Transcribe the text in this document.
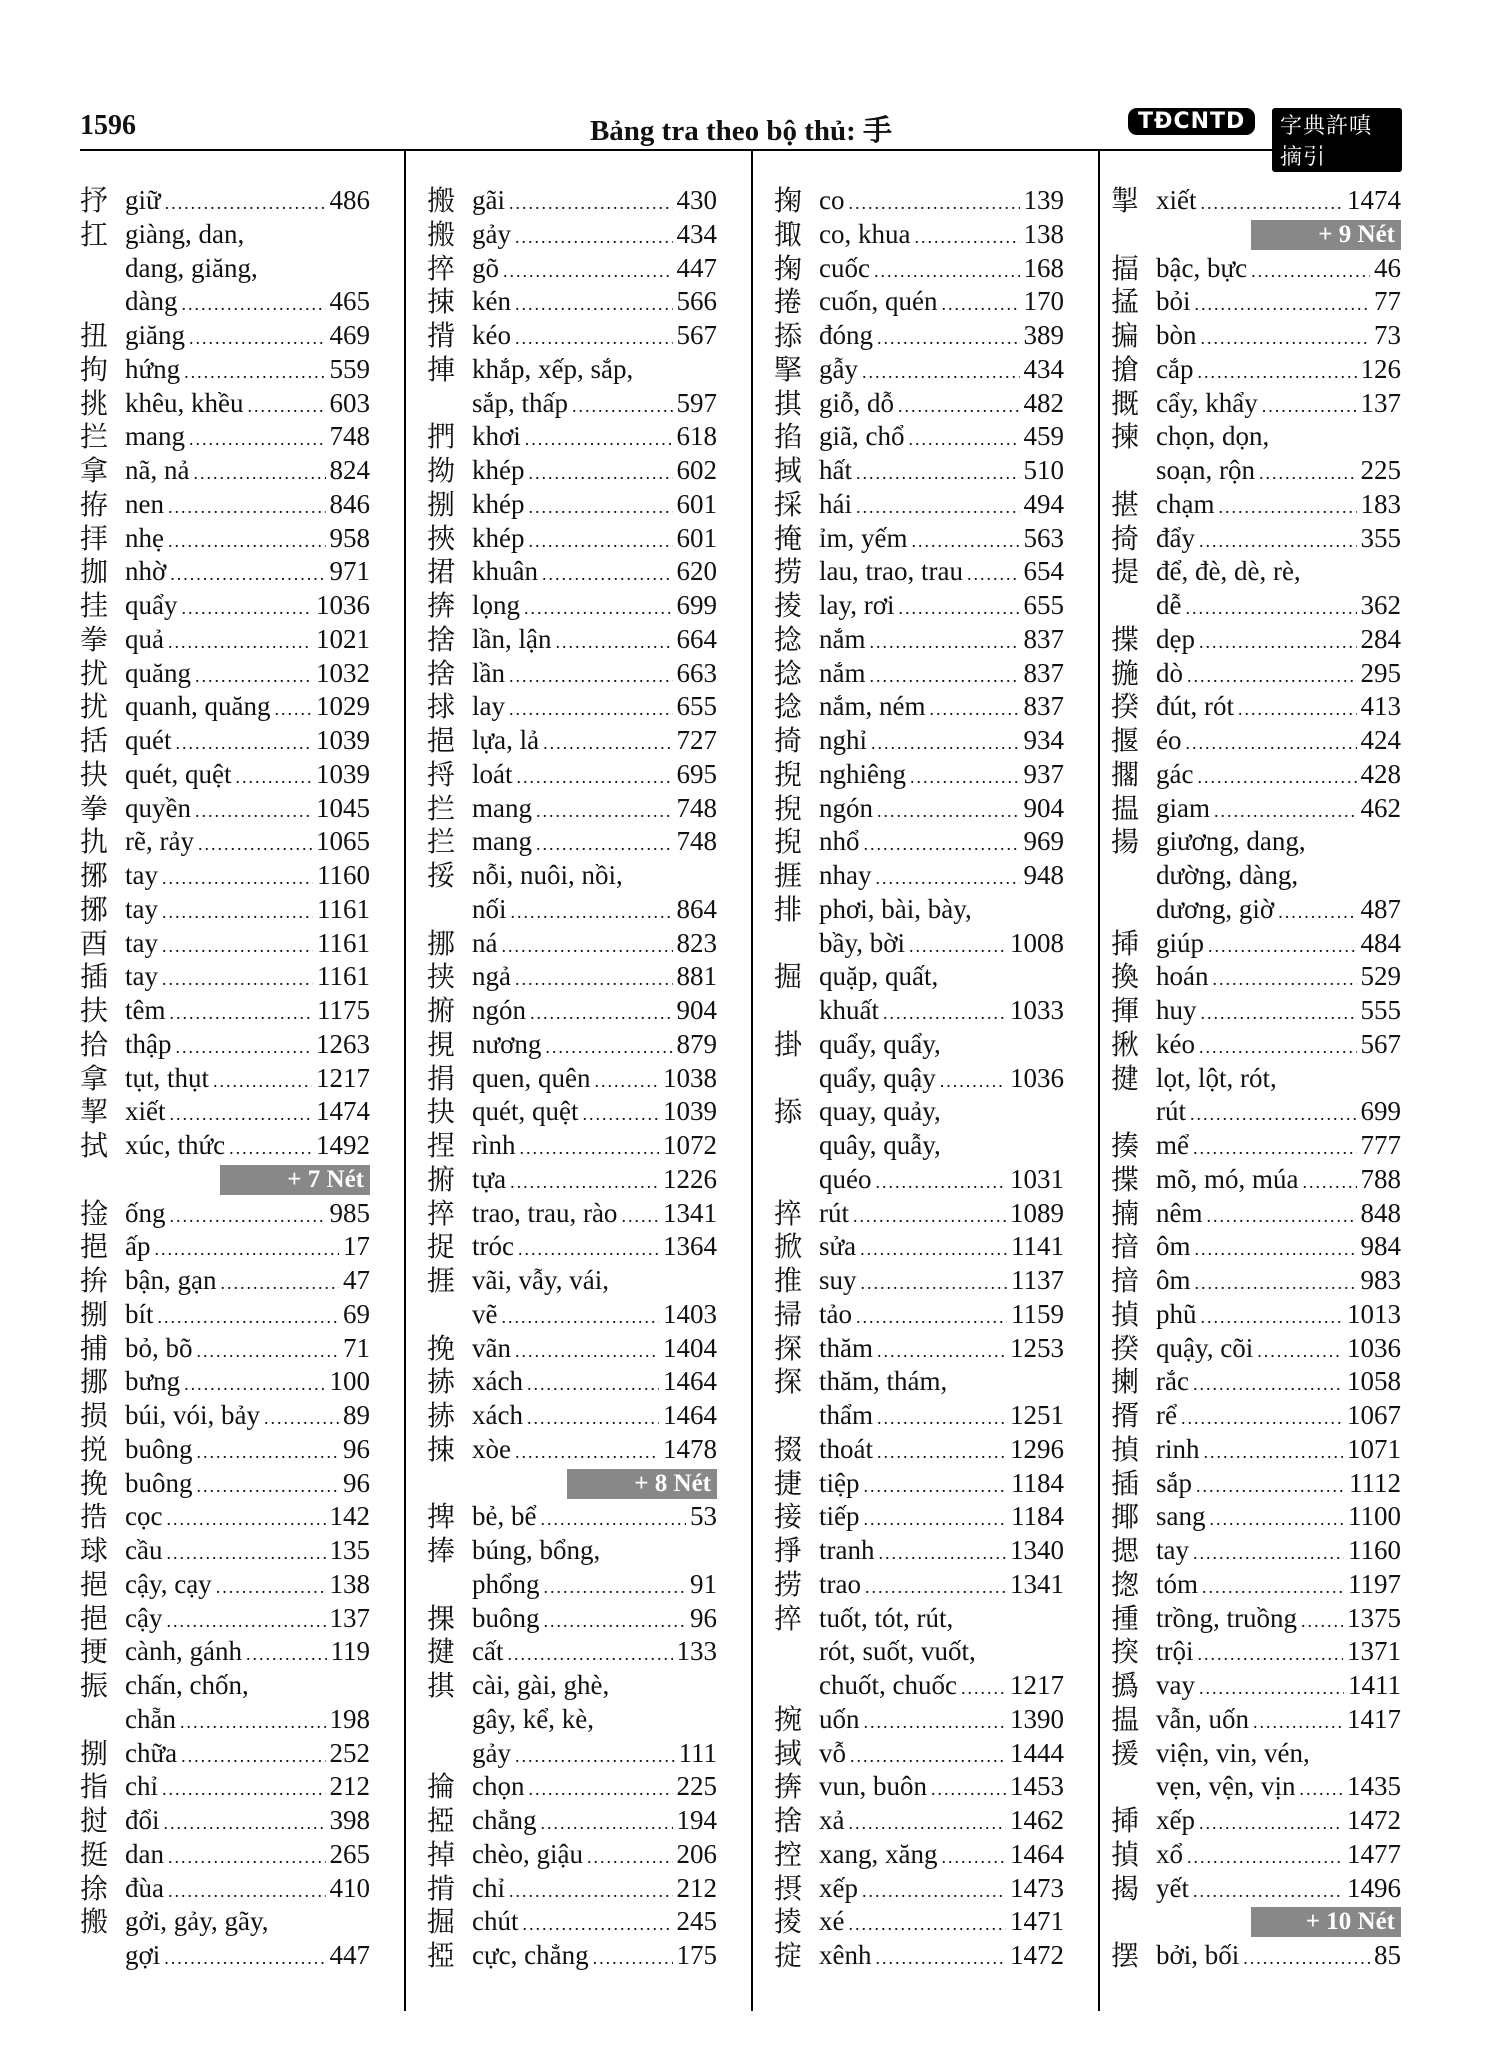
1596	Bảng tra theo bộ thủ: 手	TĐCNTD	字典許嗔摘引
抒 giữ .....	486
扛 giàng, dan,
dang, giăng,
dàng .....	465
扭 giăng .....	469
拘 hứng .....	559
挑 khêu, khều .....	603
拦 mang .....	748
拿 nã, nả .....	824
拵 nen .....	846
拝 nhẹ .....	958
拁 nhờ .....	971
挂 quẩy .....	1036
拳 quả .....	1021
扰 quăng .....	1032
扰 quanh, quăng ..... 1029
括 quét .....	1039
抉 quét, quệt .....	1039
拳 quyền .....	1045
扏 rẽ, rảy .....	1065
捓 tay .....	1160
捓 tay .....	1161
酉 tay .....	1161
插 tay .....	1161
扶 têm .....	1175
拾 thập .....	1263
拿 tụt, thụt .....	1217
挈 xiết .....	1474
拭 xúc, thức .....	1492
+ 7 Nét
捦 ống .....	985
挹 ấp .....	17
拚 bận, gạn .....	47
捌 bít .....	69
捕 bỏ, bõ .....	71
挪 bưng .....	100
损 búi, vói, bảy .....	89
捝 buông .....	96
挽 buông .....	96
捁 cọc .....	142
球 cầu .....	135
挹 cậy, cạy .....	138
挹 cậy .....	137
挭 cành, gánh .....	119
振 chấn, chốn,
chẵn .....	198
捌 chữa .....	252
指 chỉ .....	212
挝 đổi .....	398
挺 dan .....	265
捈 đùa .....	410
搬 gởi, gảy, gãy,
gợi .....	447
搬 gãi .....	430
搬 gảy .....	434
捽 gõ .....	447
捒 kén .....	566
揹 kéo .....	567
捙 khắp, xếp, sắp,
sắp, thấp .....	597
捫 khơi .....	618
拗 khép .....	602
捌 khép .....	601
挾 khép .....	601
捃 khuân .....	620
捹 lọng .....	699
捨 lần, lận .....	664
捨 lần .....	663
捄 lay .....	655
挹 lựa, lả .....	727
捋 loát .....	695
拦 mang .....	748
拦 mang .....	748
挼 nỗi, nuôi, nồi,
nối .....	864
挪 ná .....	823
挟 ngả .....	881
捬 ngón .....	904
挸 nương .....	879
捐 quen, quên .....	1038
抉 quét, quệt .....	1039
捏 rình .....	1072
捬 tựa .....	1226
捽 trao, trau, rào ..... 1341
捉 tróc .....	1364
捱 vãi, vẫy, vái,
vẽ .....	1403
挽 vãn .....	1404
捇 xách .....	1464
捇 xách .....	1464
捒 xòe .....	1478
+ 8 Nét
捭 bẻ, bể .....	53
捧 búng, bổng,
phổng .....	91
捰 buông .....	96
揵 cất .....	133
掑 cài, gài, ghè,
gây, kể, kè,
gảy .....	111
掄 chọn .....	225
掗 chẳng .....	194
掉 chèo, giậu .....	206
掯 chỉ .....	212
掘 chút .....	245
掗 cực, chẳng .....	175
掬 co .....	139
掫 co, khua .....	138
掬 cuốc .....	168
捲 cuốn, quén .....	170
掭 đóng .....	389
掔 gẫy .....	434
掑 giỗ, dỗ .....	482
掐 giã, chổ .....	459
掝 hất .....	510
採 hái .....	494
掩 ỉm, yếm .....	563
捞 lau, trao, trau ..... 654
掕 lay, rơi .....	655
捻 nắm .....	837
捻 nắm .....	837
捻 nắm, ném .....	837
掎 nghỉ .....	934
掜 nghiêng .....	937
掜 ngón .....	904
掜 nhổ .....	969
捱 nhay .....	948
排 phơi, bài, bày,
bầy, bời .....	1008
掘 quặp, quất,
khuất .....	1033
掛 quẩy, quẩy,
quẩy, quậy .....	1036
掭 quay, quảy,
quây, quẫy,
quéo .....	1031
捽 rút .....	1089
掀 sửa .....	1141
推 suy .....	1137
掃 tảo .....	1159
探 thăm .....	1253
探 thăm, thám,
thẩm .....	1251
掇 thoát .....	1296
捷 tiệp .....	1184
接 tiếp .....	1184
掙 tranh .....	1340
捞 trao .....	1341
捽 tuốt, tót, rút,
rót, suốt, vuốt,
chuốt, chuốc ..... 1217
捥 uốn .....	1390
掝 vỗ .....	1444
捹 vun, buôn .....	1453
捨 xả .....	1462
控 xang, xăng .....	1464
摂 xếp .....	1473
掕 xé .....	1471
掟 xênh .....	1472
掣 xiết .....	1474
+ 9 Nét
揊 bậc, bực .....	46
掹 bỏi .....	77
揙 bòn .....	73
搶 cắp .....	126
摡 cẩy, khẩy .....	137
揀 chọn, dọn,
soạn, rộn .....	225
揕 chạm .....	183
掎 đẩy .....	355
提 để, đè, dè, rè,
dễ .....	362
揲 dẹp .....	284
揓 dò .....	295
揆 đút, rót .....	413
揠 éo .....	424
擱 gác .....	428
揾 giam .....	462
揚 giương, dang,
dường, dàng,
dương, giờ .....	487
揷 giúp .....	484
換 hoán .....	529
揮 huy .....	555
揪 kéo .....	567
揵 lọt, lột, rót,
rút .....	699
揍 mể .....	777
揲 mõ, mó, múa ..... 788
揇 nêm .....	848
揞 ôm .....	984
揞 ôm .....	983
揁 phũ .....	1013
揆 quậy, cõi .....	1036
揦 rắc .....	1058
揟 rể .....	1067
揁 rinh .....	1071
插 sắp .....	1112
揶 sang .....	1100
揌 tay .....	1160
揔 tóm .....	1197
揰 trồng, truồng ..... 1375
揬 trội .....	1371
撝 vay .....	1411
揾 vẫn, uốn .....	1417
援 viện, vin, vén,
vẹn, vện, vịn ..... 1435
揷 xếp .....	1472
揁 xổ .....	1477
揭 yết .....	1496
+ 10 Nét
摆 bởi, bối .....	85
